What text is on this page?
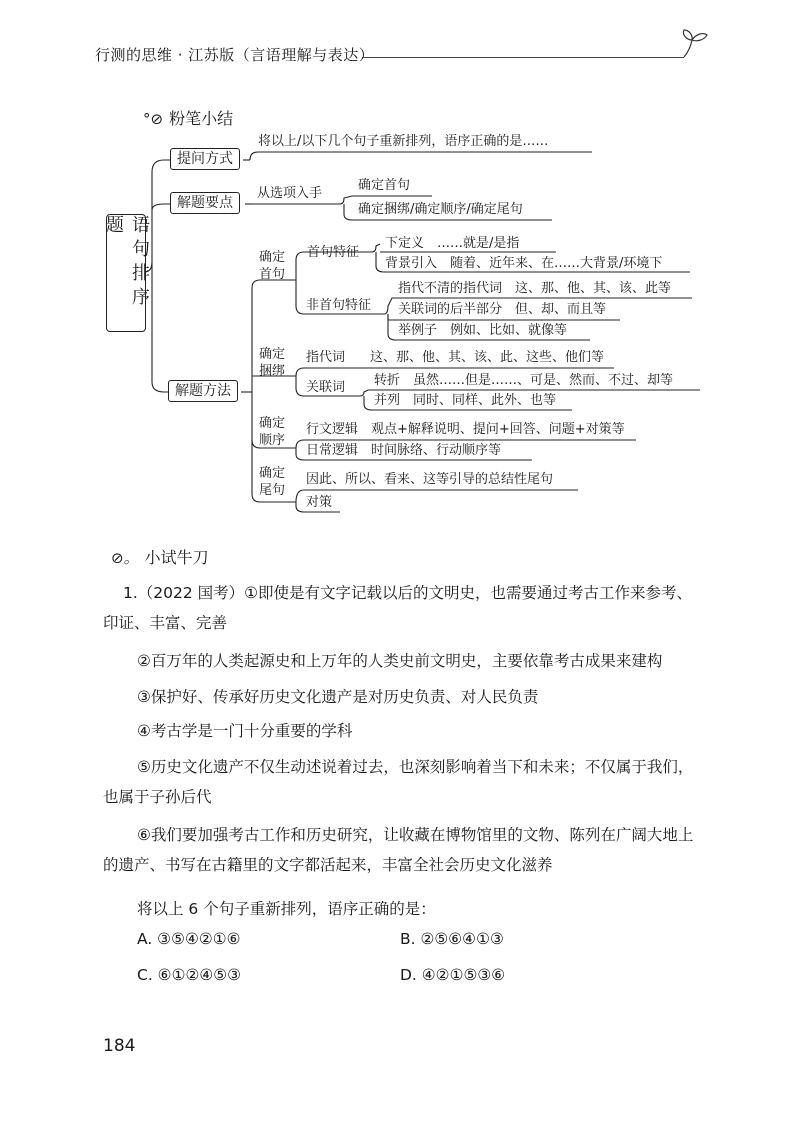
行测的思维 · 江苏版（言语理解与表达）
°⊘ 粉笔小结
语句排序题
提问方式
将以上/以下几个句子重新排列，语序正确的是……
解题要点
从选项入手
确定首句
确定捆绑/确定顺序/确定尾句
解题方法
确定首句
首句特征
下定义　……就是/是指
背景引入　随着、近年来、在……大背景/环境下
非首句特征
指代不清的指代词　这、那、他、其、该、此等
关联词的后半部分　但、却、而且等
举例子　例如、比如、就像等
确定捆绑
指代词 这、那、他、其、该、此、这些、他们等
关联词 转折　虽然……但是……、可是、然而、不过、却等
并列　同时、同样、此外、也等
确定顺序
行文逻辑　观点+解释说明、提问+回答、问题+对策等
日常逻辑　时间脉络、行动顺序等
确定尾句
因此、所以、看来、这等引导的总结性尾句
对策
⊘。 小试牛刀
1.（2022 国考）①即使是有文字记载以后的文明史，也需要通过考古工作来参考、印证、丰富、完善
②百万年的人类起源史和上万年的人类史前文明史，主要依靠考古成果来建构
③保护好、传承好历史文化遗产是对历史负责、对人民负责
④考古学是一门十分重要的学科
⑤历史文化遗产不仅生动述说着过去，也深刻影响着当下和未来；不仅属于我们，也属于子孙后代
⑥我们要加强考古工作和历史研究，让收藏在博物馆里的文物、陈列在广阔大地上的遗产、书写在古籍里的文字都活起来，丰富全社会历史文化滋养
将以上 6 个句子重新排列，语序正确的是：
A. ③⑤④②①⑥	B. ②⑤⑥④①③
C. ⑥①②④⑤③	D. ④②①⑤③⑥
184
